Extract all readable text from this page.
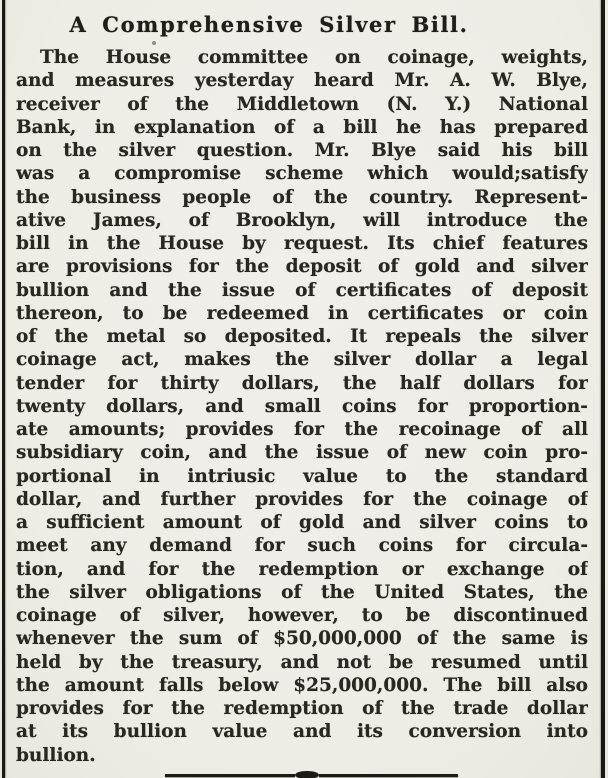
A Comprehensive Silver Bill.
The House committee on coinage, weights,
and measures yesterday heard Mr. A. W. Blye,
receiver of the Middletown (N. Y.) National
Bank, in explanation of a bill he has prepared
on the silver question. Mr. Blye said his bill
was a compromise scheme which would;satisfy
the business people of the country. Represent-
ative James, of Brooklyn, will introduce the
bill in the House by request. Its chief features
are provisions for the deposit of gold and silver
bullion and the issue of certificates of deposit
thereon, to be redeemed in certificates or coin
of the metal so deposited. It repeals the silver
coinage act, makes the silver dollar a legal
tender for thirty dollars, the half dollars for
twenty dollars, and small coins for proportion-
ate amounts; provides for the recoinage of all
subsidiary coin, and the issue of new coin pro-
portional in intriusic value to the standard
dollar, and further provides for the coinage of
a sufficient amount of gold and silver coins to
meet any demand for such coins for circula-
tion, and for the redemption or exchange of
the silver obligations of the United States, the
coinage of silver, however, to be discontinued
whenever the sum of $50,000,000 of the same is
held by the treasury, and not be resumed until
the amount falls below $25,000,000. The bill also
provides for the redemption of the trade dollar
at its bullion value and its conversion into
bullion.
